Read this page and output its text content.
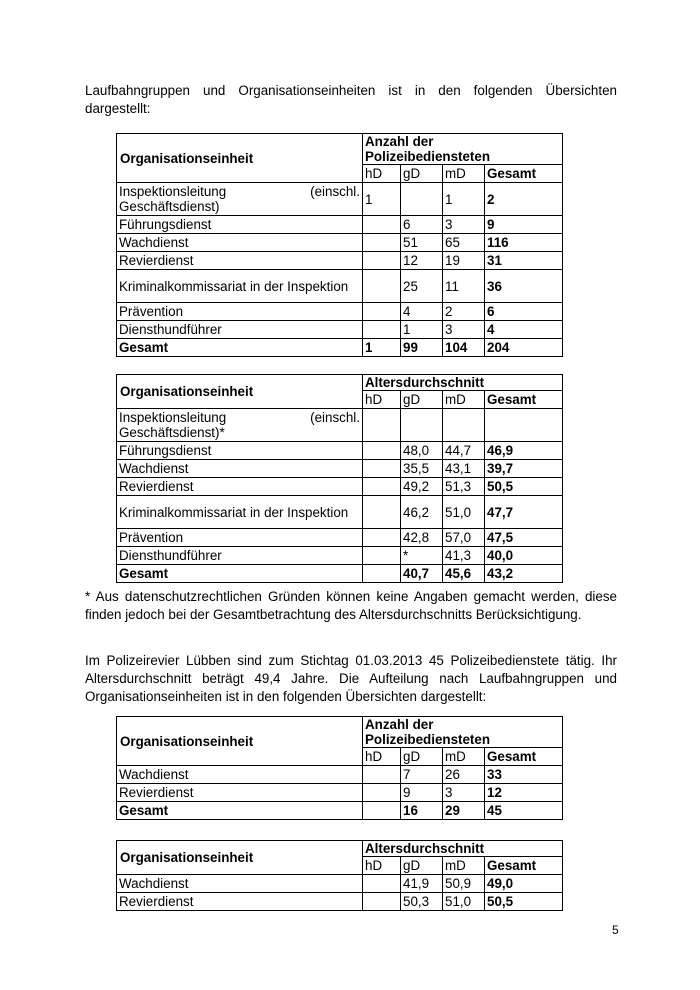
Laufbahngruppen und Organisationseinheiten ist in den folgenden Übersichten dargestellt:

Organisationseinheit	Anzahl der Polizeibediensteten			
	hD	gD	mD	Gesamt
Inspektionsleitung (einschl. Geschäftsdienst)	1		1	2
Führungsdienst		6	3	9
Wachdienst		51	65	116
Revierdienst		12	19	31
Kriminalkommissariat in der Inspektion		25	11	36
Prävention		4	2	6
Diensthundführer		1	3	4
Gesamt	1	99	104	204
Organisationseinheit	Altersdurchschnitt			
	hD	gD	mD	Gesamt
Inspektionsleitung (einschl. Geschäftsdienst)*				
Führungsdienst		48,0	44,7	46,9
Wachdienst		35,5	43,1	39,7
Revierdienst		49,2	51,3	50,5
Kriminalkommissariat in der Inspektion		46,2	51,0	47,7
Prävention		42,8	57,0	47,5
Diensthundführer		*	41,3	40,0
Gesamt		40,7	45,6	43,2

* Aus datenschutzrechtlichen Gründen können keine Angaben gemacht werden, diese finden jedoch bei der Gesamtbetrachtung des Altersdurchschnitts Berücksichtigung.

Im Polizeirevier Lübben sind zum Stichtag 01.03.2013 45 Polizeibedienstete tätig. Ihr Altersdurchschnitt beträgt 49,4 Jahre. Die Aufteilung nach Laufbahngruppen und Organisationseinheiten ist in den folgenden Übersichten dargestellt:

Organisationseinheit	Anzahl der Polizeibediensteten			
	hD	gD	mD	Gesamt
Wachdienst		7	26	33
Revierdienst		9	3	12
Gesamt		16	29	45
Organisationseinheit	Altersdurchschnitt			
	hD	gD	mD	Gesamt
Wachdienst		41,9	50,9	49,0
Revierdienst		50,3	51,0	50,5
5
